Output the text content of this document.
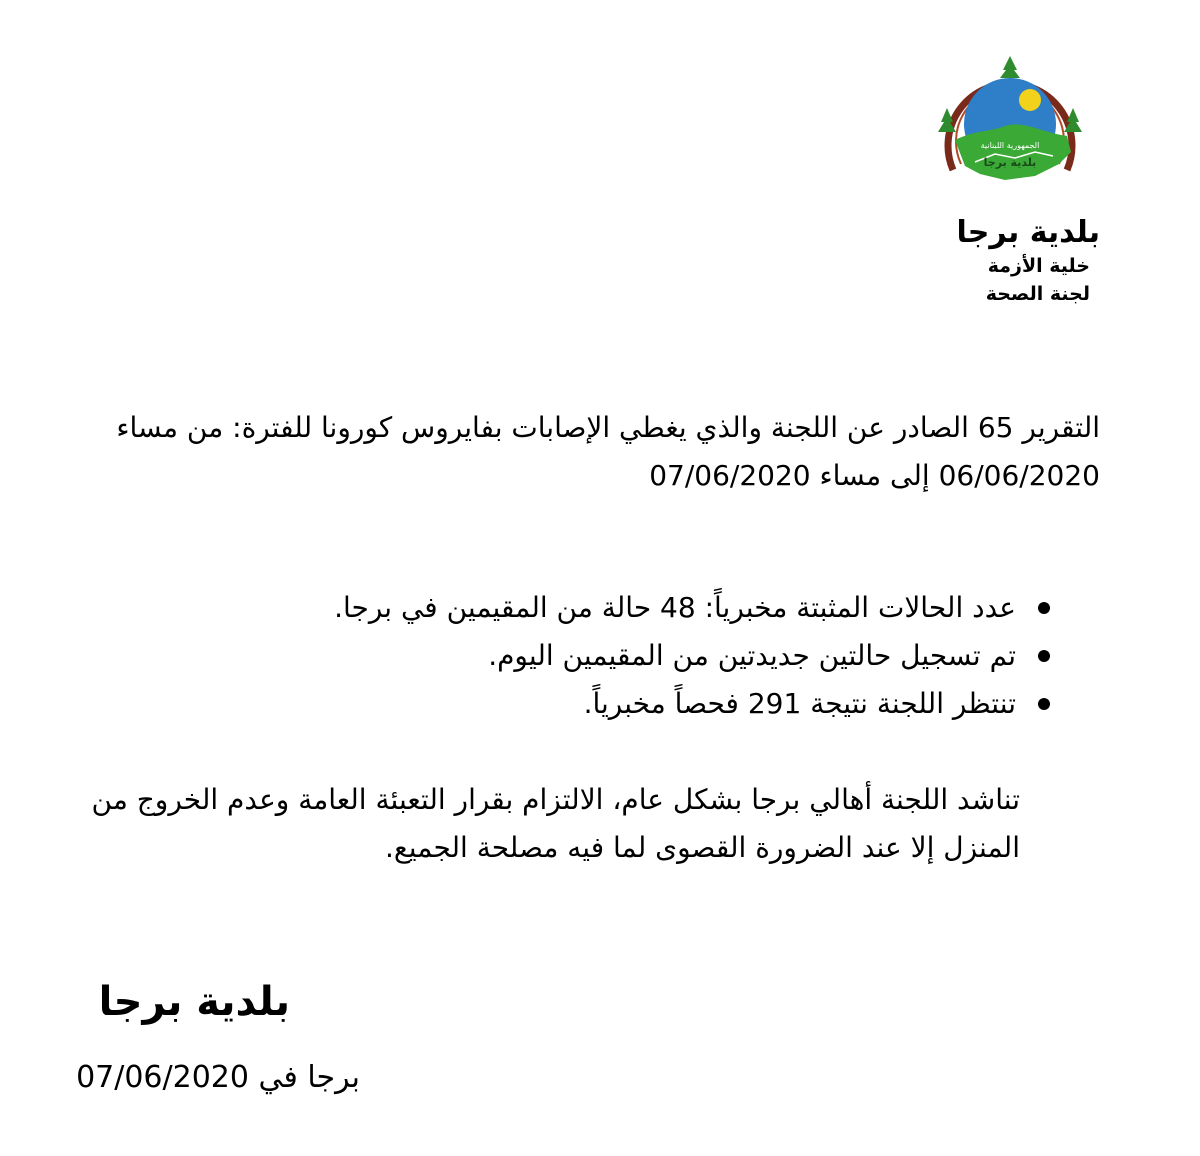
الجمهورية اللبنانية
بلدية برجا
بلدية برجا
خلية الأزمة
لجنة الصحة
التقرير 65 الصادر عن اللجنة والذي يغطي الإصابات بفايروس كورونا للفترة: من مساء 06/06/2020 إلى مساء 07/06/2020
عدد الحالات المثبتة مخبرياً: 48 حالة من المقيمين في برجا.
تم تسجيل حالتين جديدتين من المقيمين اليوم.
تنتظر اللجنة نتيجة 291 فحصاً مخبرياً.
تناشد اللجنة أهالي برجا بشكل عام، الالتزام بقرار التعبئة العامة وعدم الخروج من المنزل إلا عند الضرورة القصوى لما فيه مصلحة الجميع.
بلدية برجا
برجا في 07/06/2020
